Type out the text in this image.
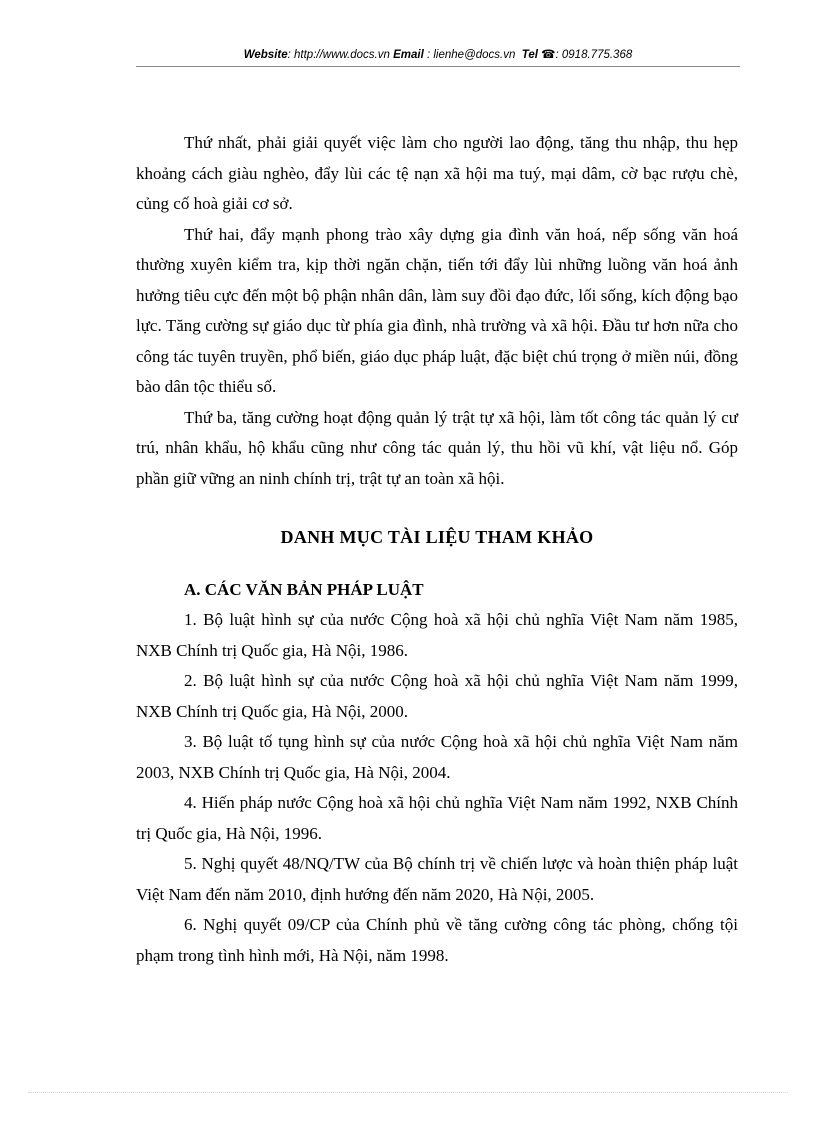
Website: http://www.docs.vn Email : lienhe@docs.vn Tel ☎: 0918.775.368

Thứ nhất, phải giải quyết việc làm cho người lao động, tăng thu nhập, thu hẹp khoảng cách giàu nghèo, đẩy lùi các tệ nạn xã hội ma tuý, mại dâm, cờ bạc rượu chè, củng cố hoà giải cơ sở.

Thứ hai, đẩy mạnh phong trào xây dựng gia đình văn hoá, nếp sống văn hoá thường xuyên kiểm tra, kịp thời ngăn chặn, tiến tới đẩy lùi những luồng văn hoá ảnh hưởng tiêu cực đến một bộ phận nhân dân, làm suy đồi đạo đức, lối sống, kích động bạo lực. Tăng cường sự giáo dục từ phía gia đình, nhà trường và xã hội. Đầu tư hơn nữa cho công tác tuyên truyền, phổ biến, giáo dục pháp luật, đặc biệt chú trọng ở miền núi, đồng bào dân tộc thiểu số.

Thứ ba, tăng cường hoạt động quản lý trật tự xã hội, làm tốt công tác quản lý cư trú, nhân khẩu, hộ khẩu cũng như công tác quản lý, thu hồi vũ khí, vật liệu nổ. Góp phần giữ vững an ninh chính trị, trật tự an toàn xã hội.

DANH MỤC TÀI LIỆU THAM KHẢO
A. CÁC VĂN BẢN PHÁP LUẬT

1. Bộ luật hình sự của nước Cộng hoà xã hội chủ nghĩa Việt Nam năm 1985, NXB Chính trị Quốc gia, Hà Nội, 1986.

2. Bộ luật hình sự của nước Cộng hoà xã hội chủ nghĩa Việt Nam năm 1999, NXB Chính trị Quốc gia, Hà Nội, 2000.

3. Bộ luật tố tụng hình sự của nước Cộng hoà xã hội chủ nghĩa Việt Nam năm 2003, NXB Chính trị Quốc gia, Hà Nội, 2004.

4. Hiến pháp nước Cộng hoà xã hội chủ nghĩa Việt Nam năm 1992, NXB Chính trị Quốc gia, Hà Nội, 1996.

5. Nghị quyết 48/NQ/TW của Bộ chính trị về chiến lược và hoàn thiện pháp luật Việt Nam đến năm 2010, định hướng đến năm 2020, Hà Nội, 2005.

6. Nghị quyết 09/CP của Chính phủ về tăng cường công tác phòng, chống tội phạm trong tình hình mới, Hà Nội, năm 1998.
